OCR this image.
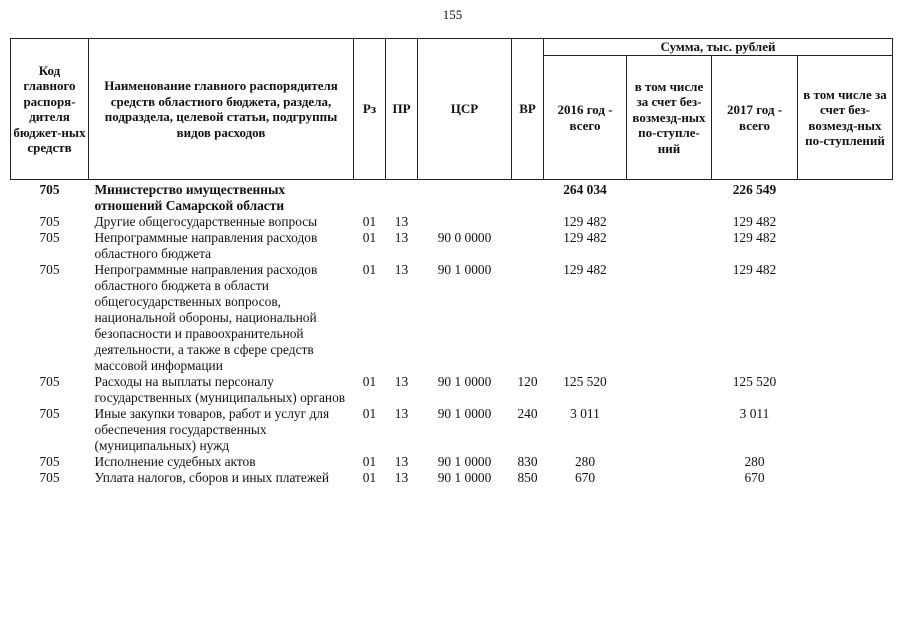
155
Код главного распоря-дителя бюджет-ных средств	Наименование главного распорядителя средств областного бюджета, раздела, подраздела, целевой статьи, подгруппы видов расходов	Рз	ПР	ЦСР	ВР	Сумма, тыс. рублей			
						2016 год - всего	в том числе за счет без-возмезд-ных по-ступле-ний	2017 год - всего	в том числе за счет без-возмезд-ных по-ступлений
705	Министерство имущественных отношений Самарской области					264 034		226 549	
705	Другие общегосударственные вопросы	01	13			129 482		129 482	
705	Непрограммные направления расходов областного бюджета	01	13	90 0 0000		129 482		129 482	
705	Непрограммные направления расходов областного бюджета в области общегосударственных вопросов, национальной обороны, национальной безопасности и правоохранительной деятельности, а также в сфере средств массовой информации	01	13	90 1 0000		129 482		129 482	
705	Расходы на выплаты персоналу государственных (муниципальных) органов	01	13	90 1 0000	120	125 520		125 520	
705	Иные закупки товаров, работ и услуг для обеспечения государственных (муниципальных) нужд	01	13	90 1 0000	240	3 011		3 011	
705	Исполнение судебных актов	01	13	90 1 0000	830	280		280	
705	Уплата налогов, сборов и иных платежей	01	13	90 1 0000	850	670		670	
